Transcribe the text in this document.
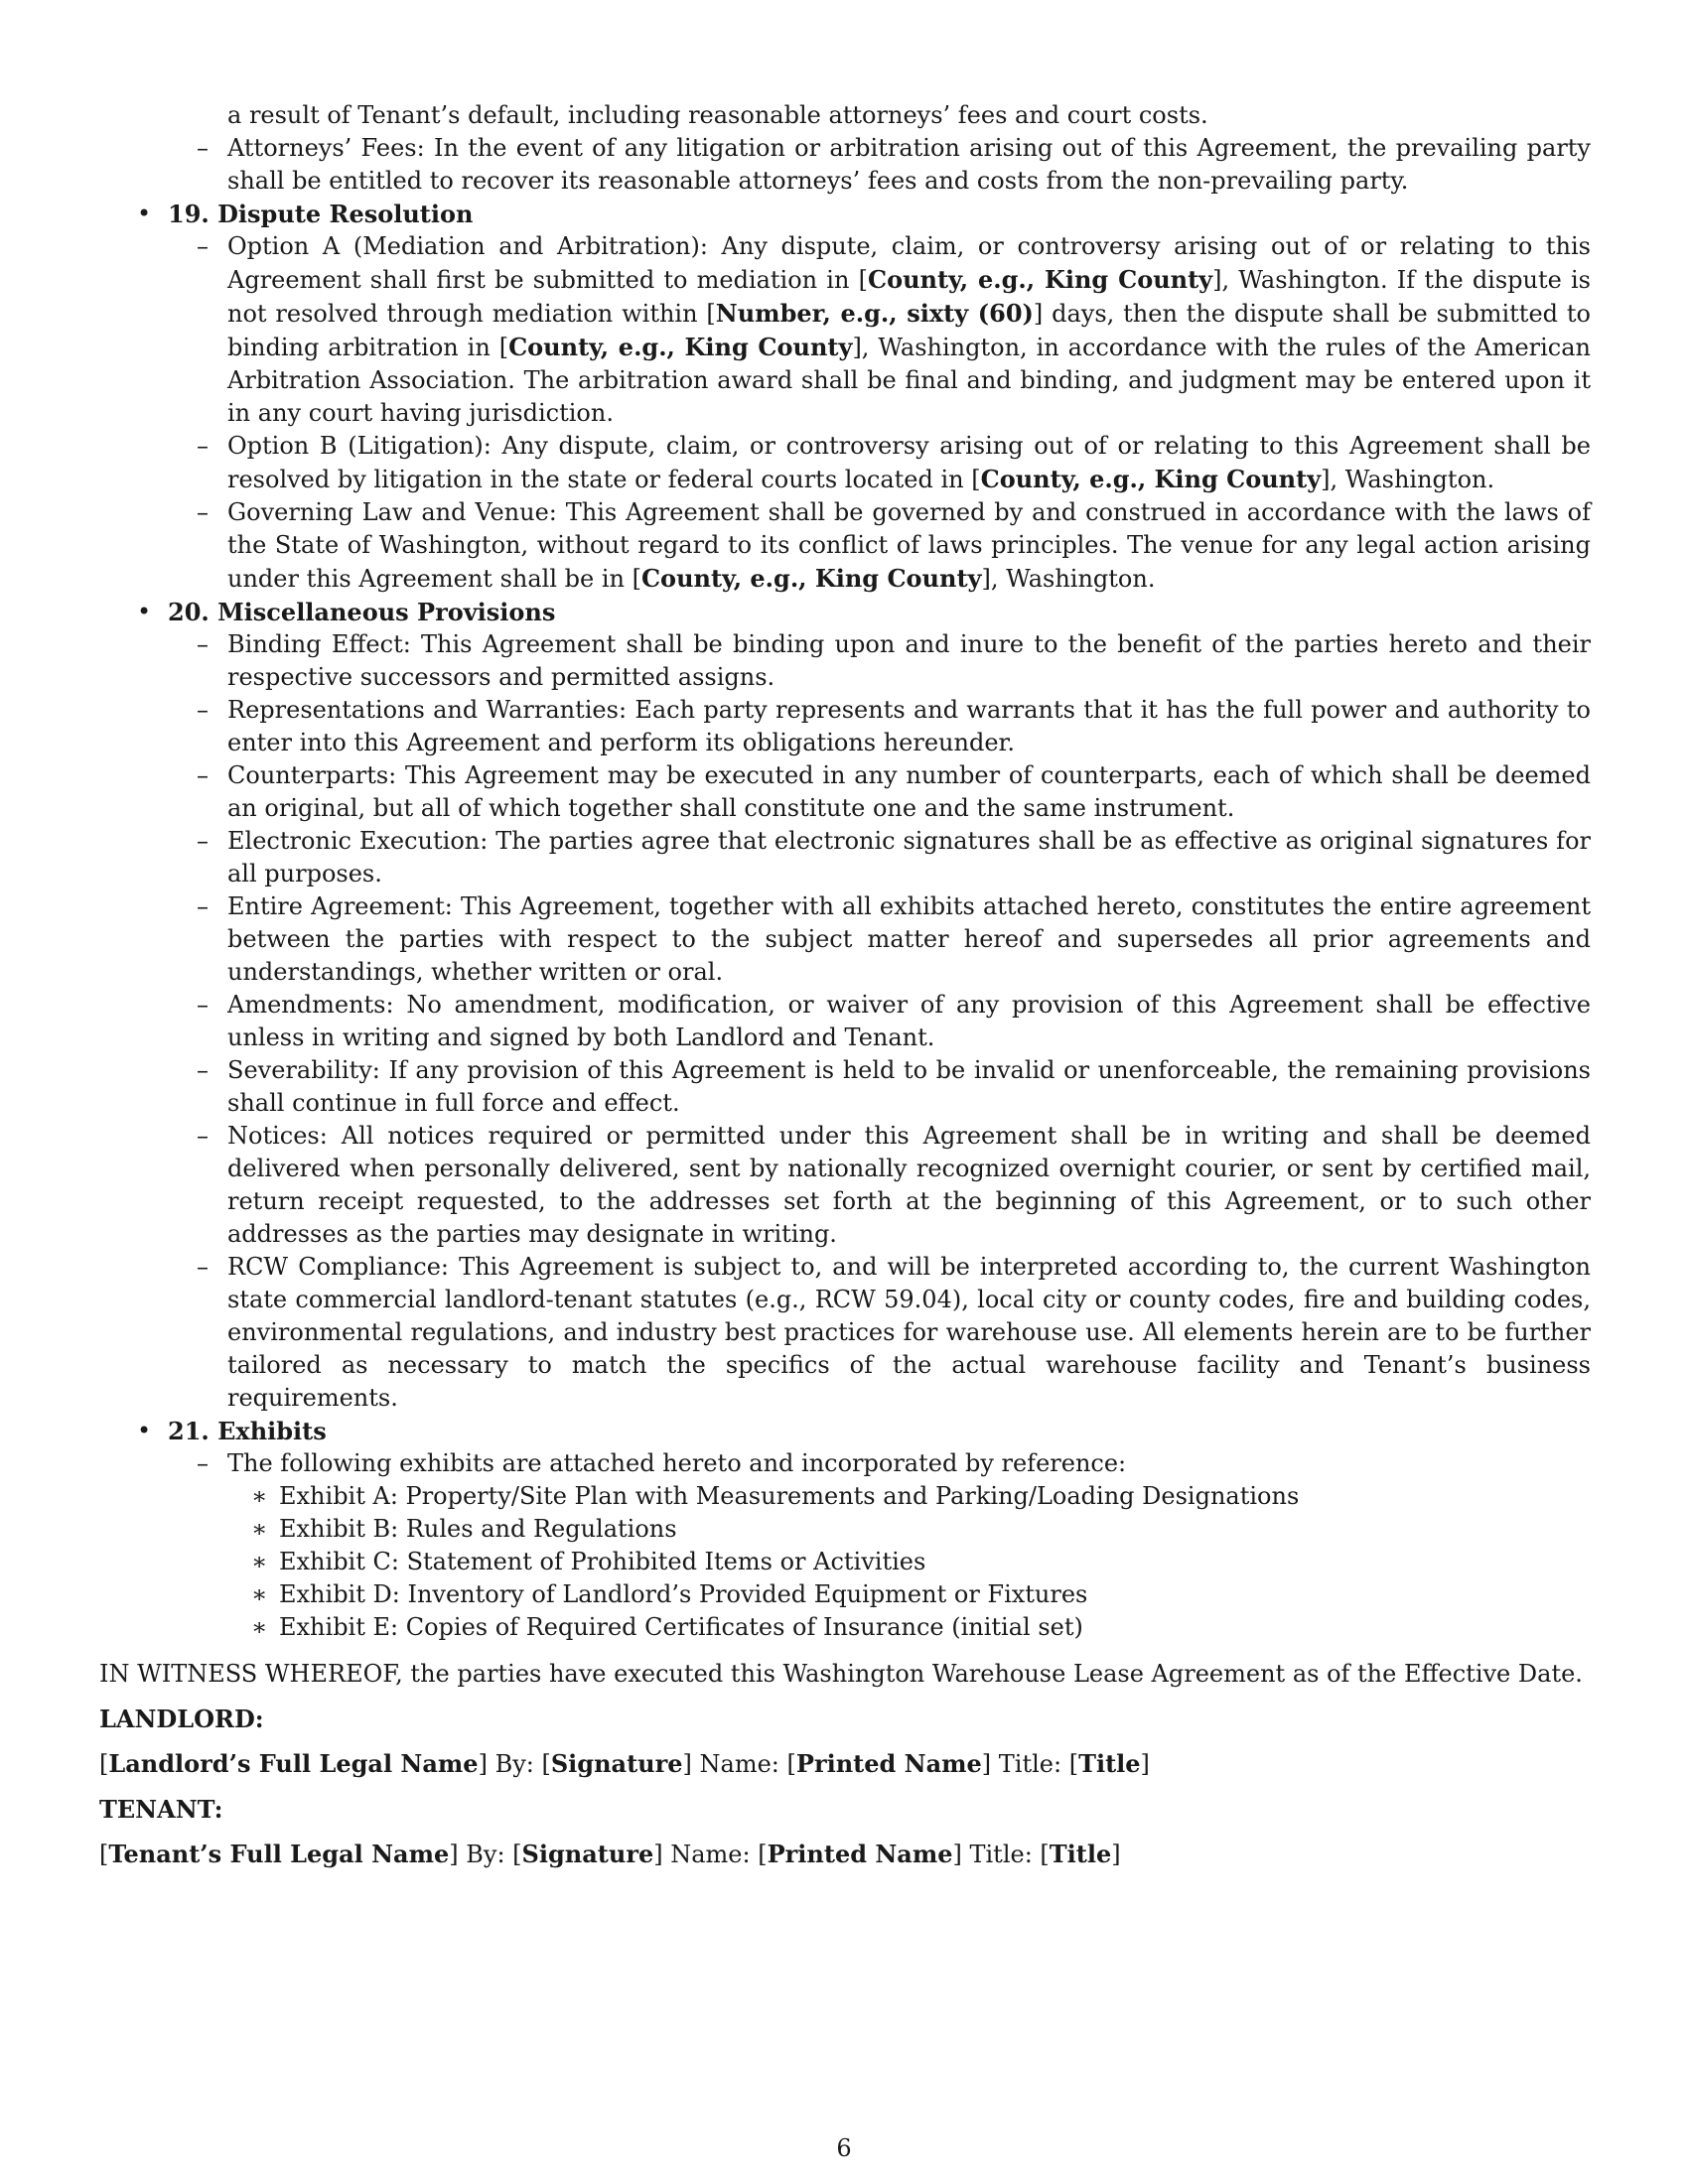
a result of Tenant’s default, including reasonable attorneys’ fees and court costs.
– Attorneys’ Fees: In the event of any litigation or arbitration arising out of this Agreement, the prevailing party shall be entitled to recover its reasonable attorneys’ fees and costs from the non-prevailing party.
• 19. Dispute Resolution
– Option A (Mediation and Arbitration): Any dispute, claim, or controversy arising out of or relating to this Agreement shall first be submitted to mediation in [County, e.g., King County], Washington. If the dispute is not resolved through mediation within [Number, e.g., sixty (60)] days, then the dispute shall be submitted to binding arbitration in [County, e.g., King County], Washington, in accordance with the rules of the American Arbitration Association. The arbitration award shall be final and binding, and judgment may be entered upon it in any court having jurisdiction.
– Option B (Litigation): Any dispute, claim, or controversy arising out of or relating to this Agreement shall be resolved by litigation in the state or federal courts located in [County, e.g., King County], Washington.
– Governing Law and Venue: This Agreement shall be governed by and construed in accordance with the laws of the State of Washington, without regard to its conflict of laws principles. The venue for any legal action arising under this Agreement shall be in [County, e.g., King County], Washington.
• 20. Miscellaneous Provisions
– Binding Effect: This Agreement shall be binding upon and inure to the benefit of the parties hereto and their respective successors and permitted assigns.
– Representations and Warranties: Each party represents and warrants that it has the full power and authority to enter into this Agreement and perform its obligations hereunder.
– Counterparts: This Agreement may be executed in any number of counterparts, each of which shall be deemed an original, but all of which together shall constitute one and the same instrument.
– Electronic Execution: The parties agree that electronic signatures shall be as effective as original signatures for all purposes.
– Entire Agreement: This Agreement, together with all exhibits attached hereto, constitutes the entire agreement between the parties with respect to the subject matter hereof and supersedes all prior agreements and understandings, whether written or oral.
– Amendments: No amendment, modification, or waiver of any provision of this Agreement shall be effective unless in writing and signed by both Landlord and Tenant.
– Severability: If any provision of this Agreement is held to be invalid or unenforceable, the remaining provisions shall continue in full force and effect.
– Notices: All notices required or permitted under this Agreement shall be in writing and shall be deemed delivered when personally delivered, sent by nationally recognized overnight courier, or sent by certified mail, return receipt requested, to the addresses set forth at the beginning of this Agreement, or to such other addresses as the parties may designate in writing.
– RCW Compliance: This Agreement is subject to, and will be interpreted according to, the current Washington state commercial landlord-tenant statutes (e.g., RCW 59.04), local city or county codes, fire and building codes, environmental regulations, and industry best practices for warehouse use. All elements herein are to be further tailored as necessary to match the specifics of the actual warehouse facility and Tenant’s business requirements.
• 21. Exhibits
– The following exhibits are attached hereto and incorporated by reference:
∗ Exhibit A: Property/Site Plan with Measurements and Parking/Loading Designations
∗ Exhibit B: Rules and Regulations
∗ Exhibit C: Statement of Prohibited Items or Activities
∗ Exhibit D: Inventory of Landlord’s Provided Equipment or Fixtures
∗ Exhibit E: Copies of Required Certificates of Insurance (initial set)

IN WITNESS WHEREOF, the parties have executed this Washington Warehouse Lease Agreement as of the Effective Date.

LANDLORD:
[Landlord’s Full Legal Name] By: [Signature] Name: [Printed Name] Title: [Title]
TENANT:
[Tenant’s Full Legal Name] By: [Signature] Name: [Printed Name] Title: [Title]
6
